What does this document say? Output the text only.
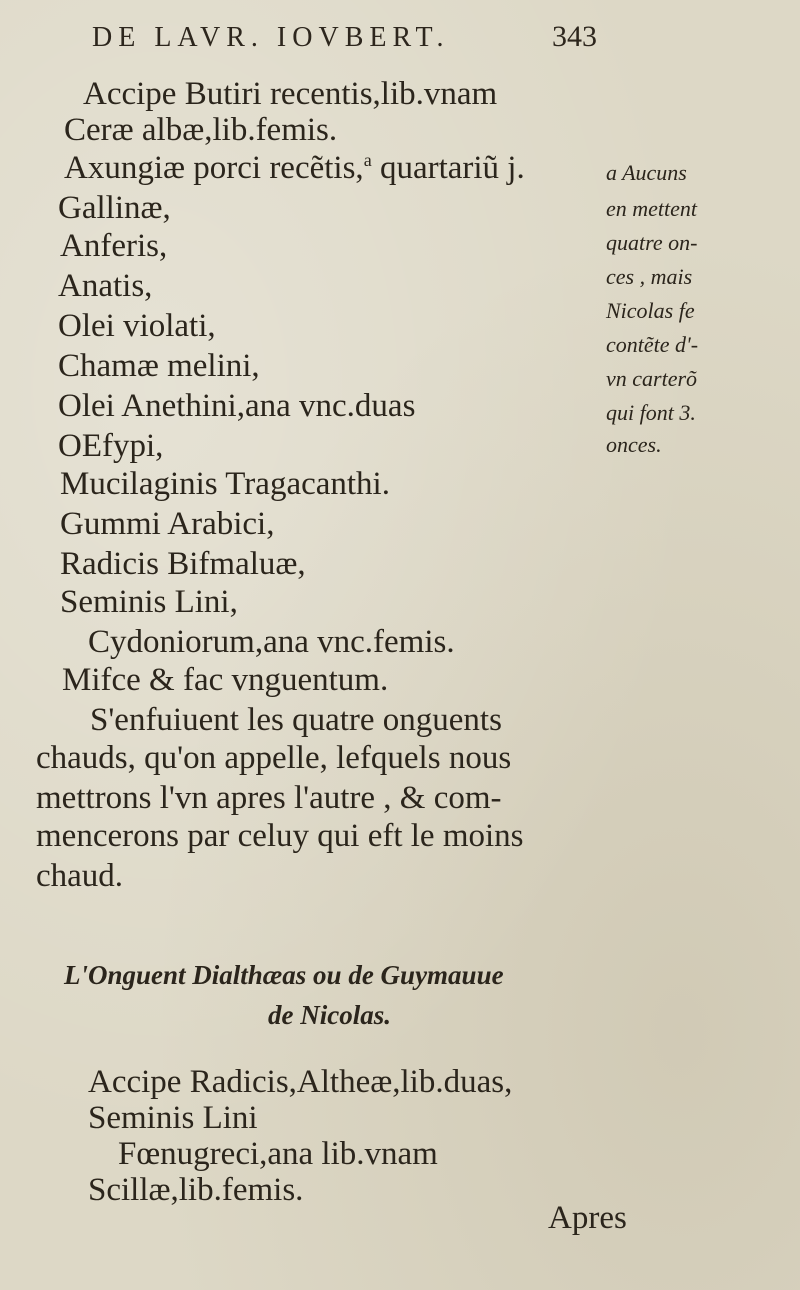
DE LAVR. IOVBERT.	343
Accipe Butiri recentis,lib.vnam
Ceræ albæ,lib.femis.
Axungiæ porci recẽtis,$^a$ quartariũ j.
Gallinæ,
Anferis,
Anatis,
Olei violati,
Chamæ melini,
Olei Anethini,ana vnc.duas
OEfypi,
Mucilaginis Tragacanthi.
Gummi Arabici,
Radicis Bifmaluæ,
Seminis Lini,
Cydoniorum,ana vnc.femis.
Mifce & fac vnguentum.
a Aucuns
en mettent
quatre on-
ces , mais
Nicolas fe
contẽte d'-
vn carterõ
qui font 3.
onces.
S'enfuiuent les quatre onguents
chauds, qu'on appelle, lefquels nous
mettrons l'vn apres l'autre , & com-
mencerons par celuy qui eft le moins
chaud.
L'Onguent Dialthæas ou de Guymauue
de Nicolas.
Accipe Radicis,Altheæ,lib.duas,
Seminis Lini
Fœnugreci,ana lib.vnam
Scillæ,lib.femis.
Apres
